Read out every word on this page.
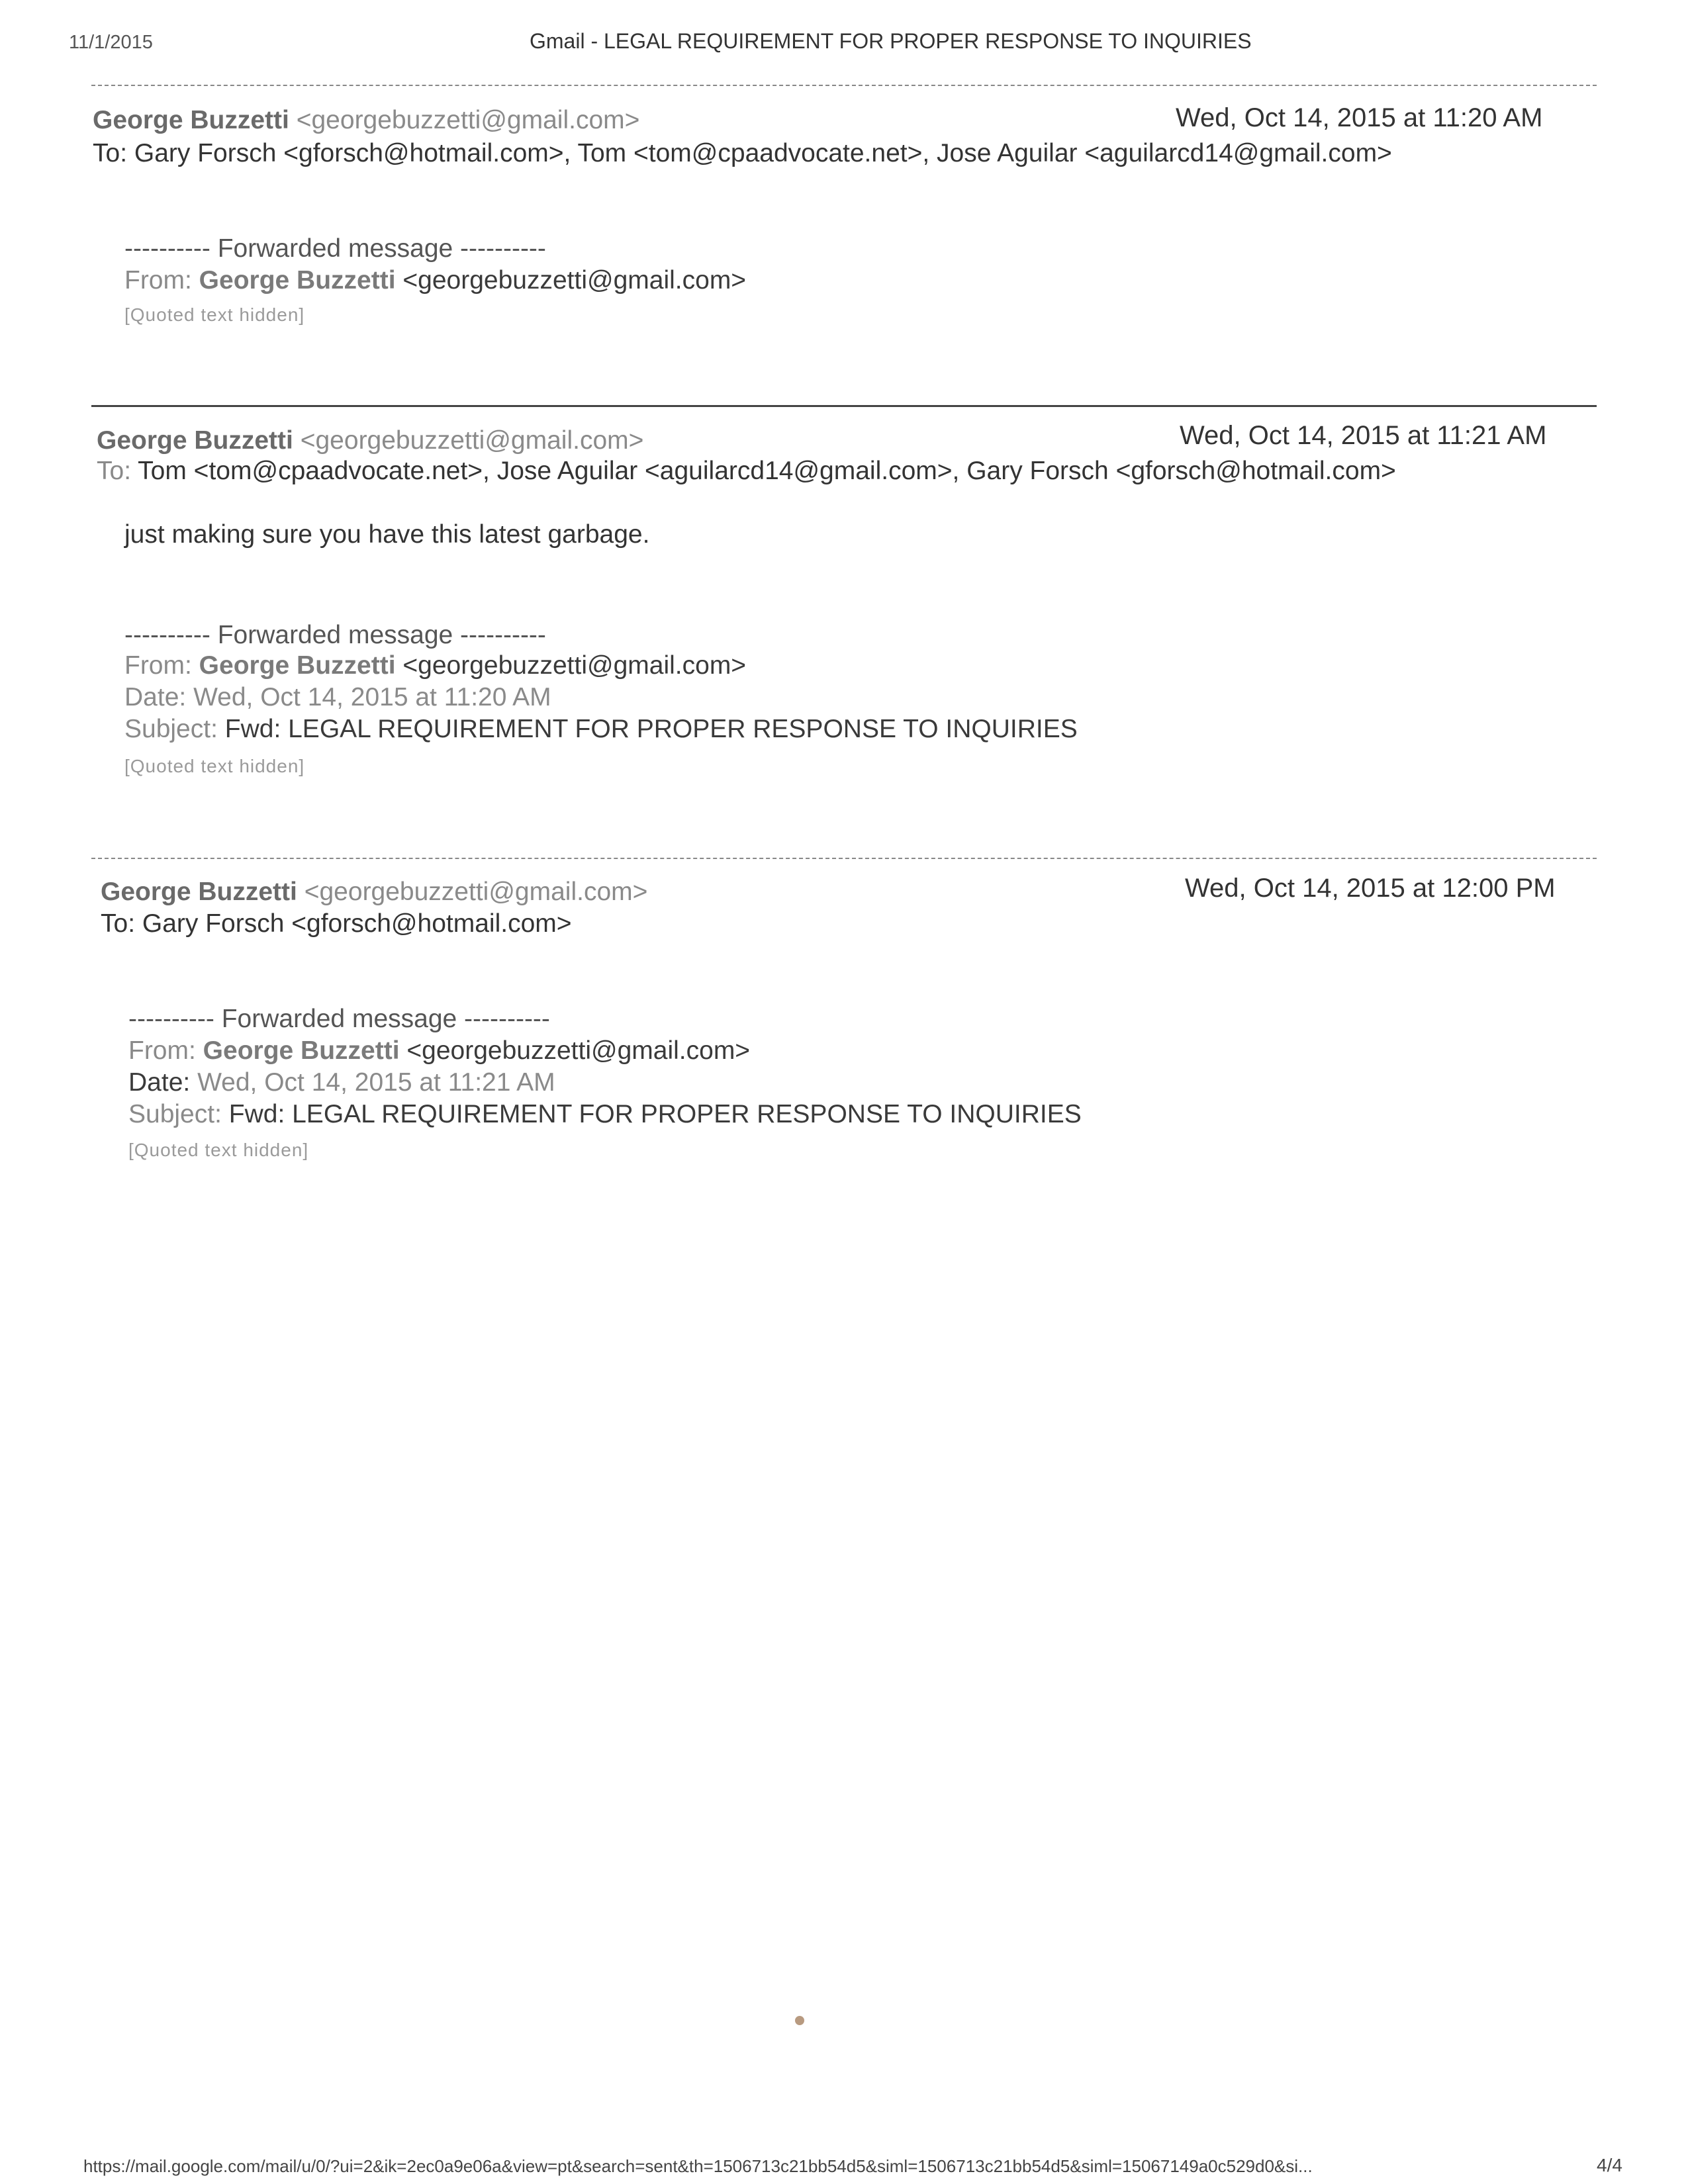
11/1/2015	Gmail - LEGAL REQUIREMENT FOR PROPER RESPONSE TO INQUIRIES
George Buzzetti <georgebuzzetti@gmail.com>	Wed, Oct 14, 2015 at 11:20 AM
To: Gary Forsch <gforsch@hotmail.com>, Tom <tom@cpaadvocate.net>, Jose Aguilar <aguilarcd14@gmail.com>
---------- Forwarded message ----------
From: George Buzzetti <georgebuzzetti@gmail.com>
[Quoted text hidden]
George Buzzetti <georgebuzzetti@gmail.com>	Wed, Oct 14, 2015 at 11:21 AM
To: Tom <tom@cpaadvocate.net>, Jose Aguilar <aguilarcd14@gmail.com>, Gary Forsch <gforsch@hotmail.com>
just making sure you have this latest garbage.
---------- Forwarded message ----------
From: George Buzzetti <georgebuzzetti@gmail.com>
Date: Wed, Oct 14, 2015 at 11:20 AM
Subject: Fwd: LEGAL REQUIREMENT FOR PROPER RESPONSE TO INQUIRIES
[Quoted text hidden]
George Buzzetti <georgebuzzetti@gmail.com>	Wed, Oct 14, 2015 at 12:00 PM
To: Gary Forsch <gforsch@hotmail.com>
---------- Forwarded message ----------
From: George Buzzetti <georgebuzzetti@gmail.com>
Date: Wed, Oct 14, 2015 at 11:21 AM
Subject: Fwd: LEGAL REQUIREMENT FOR PROPER RESPONSE TO INQUIRIES
[Quoted text hidden]
https://mail.google.com/mail/u/0/?ui=2&ik=2ec0a9e06a&view=pt&search=sent&th=1506713c21bb54d5&siml=1506713c21bb54d5&siml=15067149a0c529d0&si...	4/4
